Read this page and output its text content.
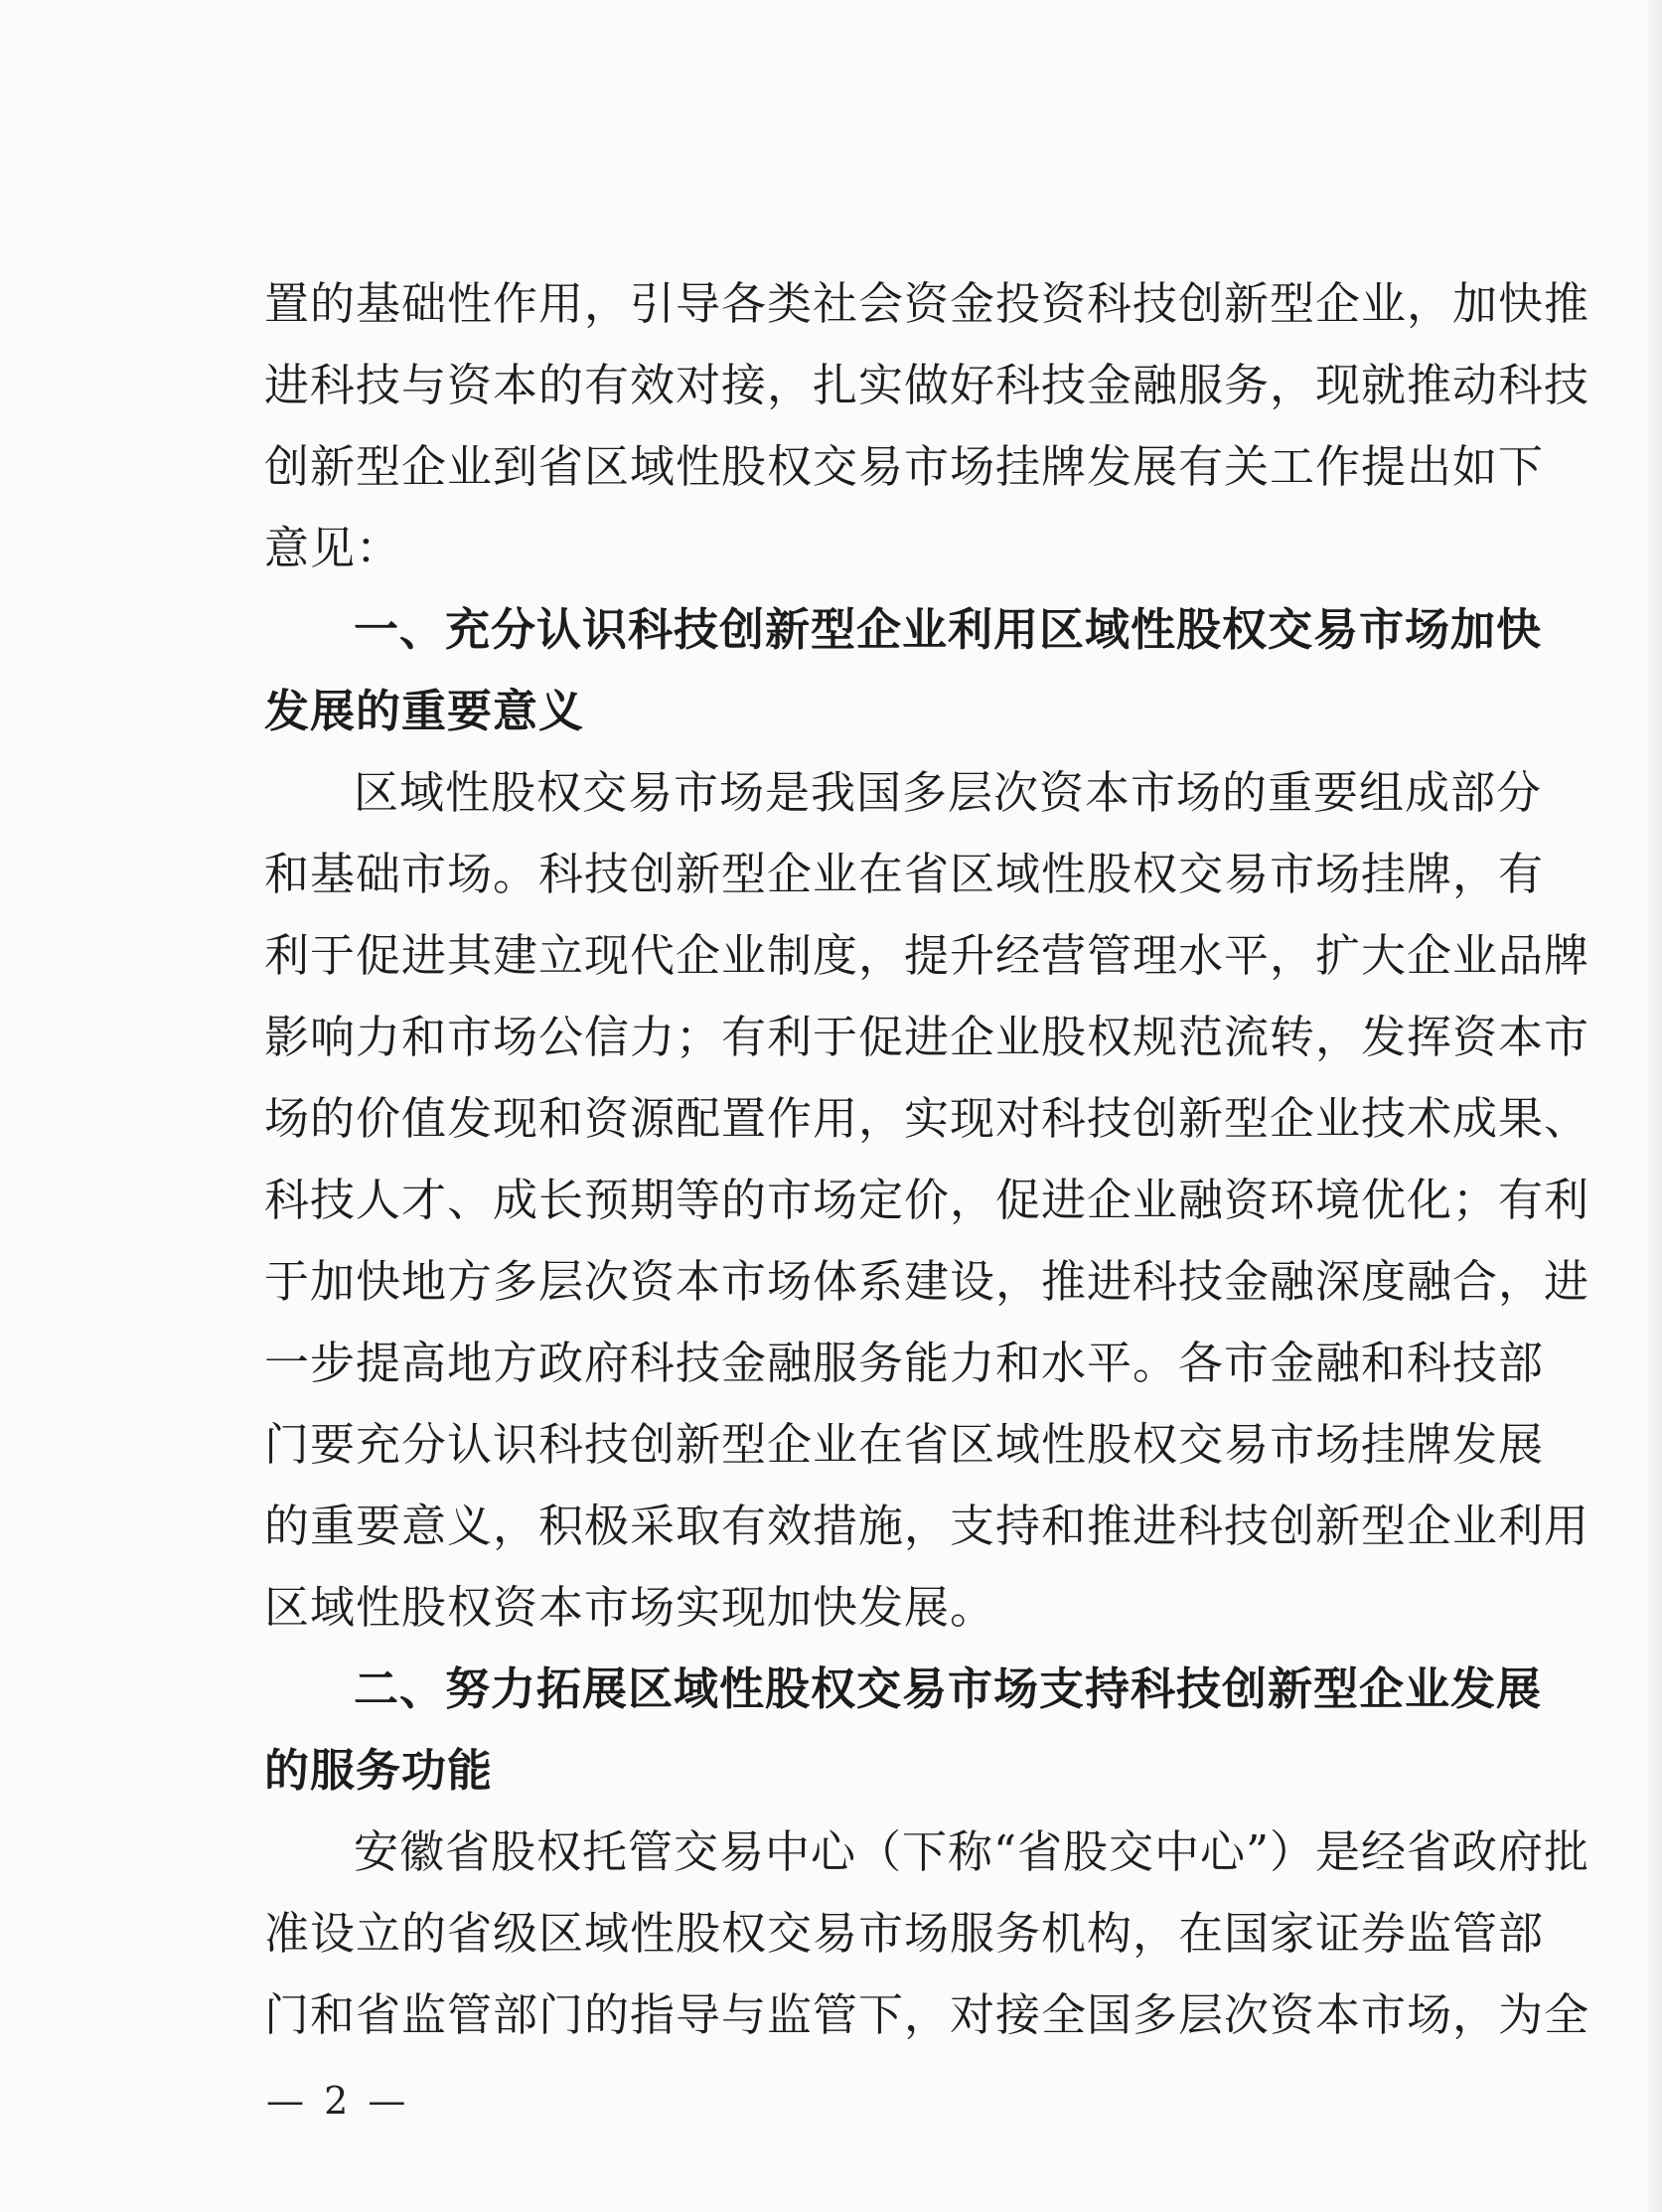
置的基础性作用，引导各类社会资金投资科技创新型企业，加快推
进科技与资本的有效对接，扎实做好科技金融服务，现就推动科技
创新型企业到省区域性股权交易市场挂牌发展有关工作提出如下
意见：
一、充分认识科技创新型企业利用区域性股权交易市场加快
发展的重要意义
区域性股权交易市场是我国多层次资本市场的重要组成部分
和基础市场。科技创新型企业在省区域性股权交易市场挂牌，有
利于促进其建立现代企业制度，提升经营管理水平，扩大企业品牌
影响力和市场公信力；有利于促进企业股权规范流转，发挥资本市
场的价值发现和资源配置作用，实现对科技创新型企业技术成果、
科技人才、成长预期等的市场定价，促进企业融资环境优化；有利
于加快地方多层次资本市场体系建设，推进科技金融深度融合，进
一步提高地方政府科技金融服务能力和水平。各市金融和科技部
门要充分认识科技创新型企业在省区域性股权交易市场挂牌发展
的重要意义，积极采取有效措施，支持和推进科技创新型企业利用
区域性股权资本市场实现加快发展。
二、努力拓展区域性股权交易市场支持科技创新型企业发展
的服务功能
安徽省股权托管交易中心（下称“省股交中心”）是经省政府批
准设立的省级区域性股权交易市场服务机构，在国家证券监管部
门和省监管部门的指导与监管下，对接全国多层次资本市场，为全
— 2 —
